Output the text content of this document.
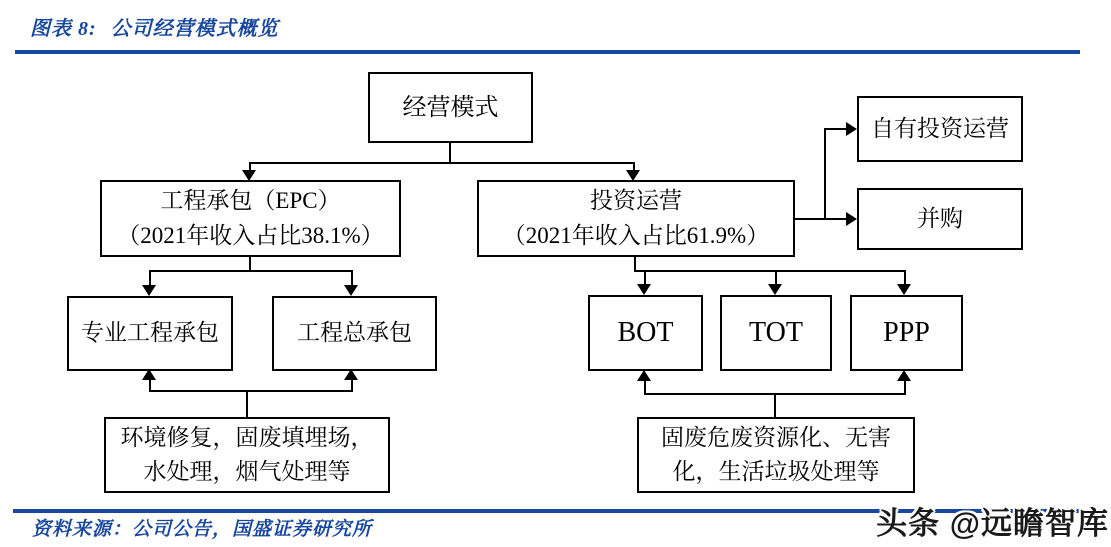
图表 8: 公司经营模式概览
经营模式
工程承包（EPC）
（2021年收入占比38.1%）
投资运营
（2021年收入占比61.9%）
自有投资运营
并购
专业工程承包	工程总承包	BOT	TOT	PPP
环境修复，固废填埋场，
水处理，烟气处理等
固废危废资源化、无害
化，生活垃圾处理等
资料来源：公司公告，国盛证券研究所	头条 @远瞻智库
